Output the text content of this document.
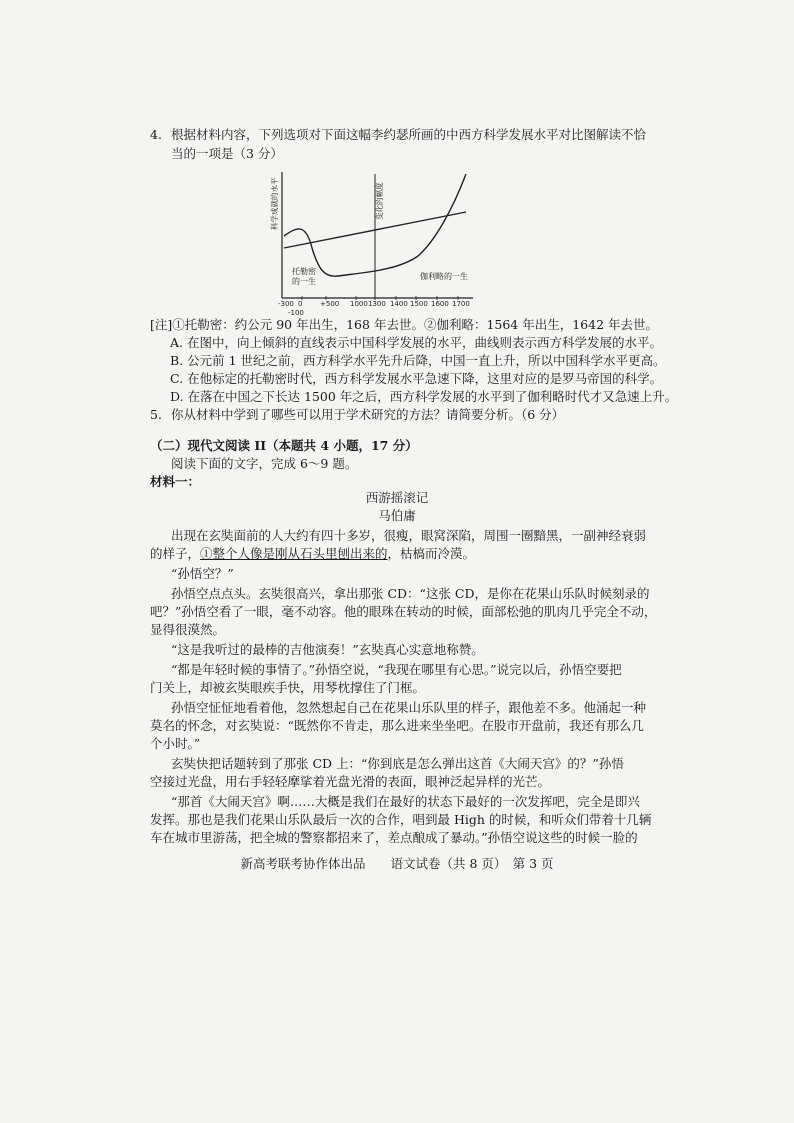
4. 根据材料内容，下列选项对下面这幅李约瑟所画的中西方科学发展水平对比图解读不恰
当的一项是（3 分）
科学成就的水平	变化的幅度
托勒密
的一生
伽利略的一生
-300 0	+500 1000 1300 1400 1500 1600 1700
-100
[注]①托勒密：约公元 90 年出生，168 年去世。②伽利略：1564 年出生，1642 年去世。
A. 在图中，向上倾斜的直线表示中国科学发展的水平，曲线则表示西方科学发展的水平。
B. 公元前 1 世纪之前，西方科学水平先升后降，中国一直上升，所以中国科学水平更高。
C. 在他标定的托勒密时代，西方科学发展水平急速下降，这里对应的是罗马帝国的科学。
D. 在落在中国之下长达 1500 年之后，西方科学发展的水平到了伽利略时代才又急速上升。
5. 你从材料中学到了哪些可以用于学术研究的方法？请简要分析。（6 分）
（二）现代文阅读 II（本题共 4 小题，17 分）
阅读下面的文字，完成 6～9 题。
材料一：
西游摇滚记
马伯庸
出现在玄奘面前的人大约有四十多岁，很瘦，眼窝深陷，周围一圈黯黑，一副神经衰弱
的样子，①整个人像是刚从石头里刨出来的，枯槁而冷漠。
“孙悟空？”
孙悟空点点头。玄奘很高兴，拿出那张 CD：“这张 CD，是你在花果山乐队时候刻录的
吧？”孙悟空看了一眼，毫不动容。他的眼珠在转动的时候，面部松弛的肌肉几乎完全不动，
显得很漠然。
“这是我听过的最棒的吉他演奏！”玄奘真心实意地称赞。
“都是年轻时候的事情了。”孙悟空说，“我现在哪里有心思。”说完以后，孙悟空要把
门关上，却被玄奘眼疾手快，用琴枕撑住了门框。
孙悟空怔怔地看着他，忽然想起自己在花果山乐队里的样子，跟他差不多。他涌起一种
莫名的怀念，对玄奘说：“既然你不肯走，那么进来坐坐吧。在股市开盘前，我还有那么几
个小时。”
玄奘快把话题转到了那张 CD 上：“你到底是怎么弹出这首《大闹天宫》的？”孙悟
空接过光盘，用右手轻轻摩挲着光盘光滑的表面，眼神泛起异样的光芒。
“那首《大闹天宫》啊……大概是我们在最好的状态下最好的一次发挥吧，完全是即兴
发挥。那也是我们花果山乐队最后一次的合作，唱到最 High 的时候，和听众们带着十几辆
车在城市里游荡，把全城的警察都招来了，差点酿成了暴动。”孙悟空说这些的时候一脸的
新高考联考协作体出品　　语文试卷（共 8 页）　第 3 页
